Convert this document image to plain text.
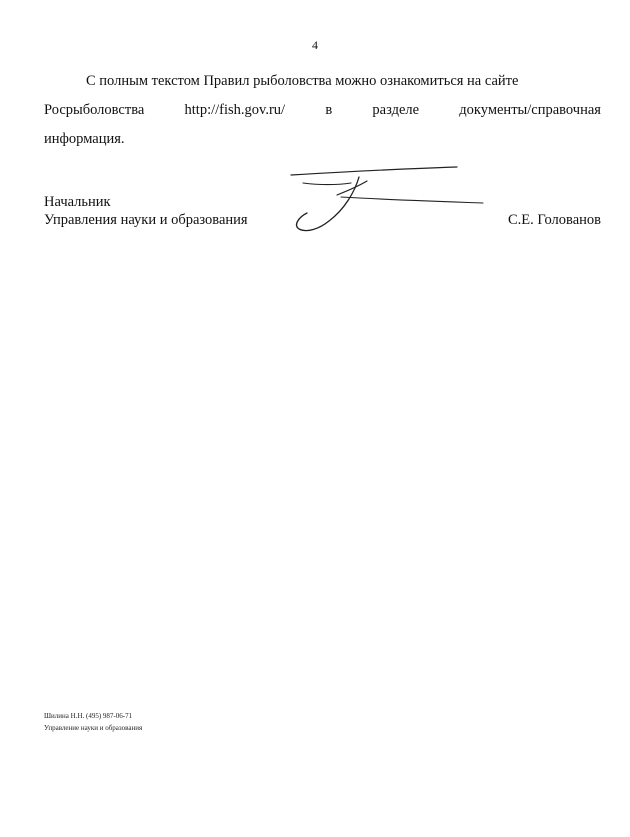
4

С полным текстом Правил рыболовства можно ознакомиться на сайте

Росрыболовства	http://fish.gov.ru/	в	разделе	документы/справочная

информация.

Начальник
Управления науки и образования	С.Е. Голованов
Шилина Н.Н. (495) 987-06-71
Управление науки и образования
